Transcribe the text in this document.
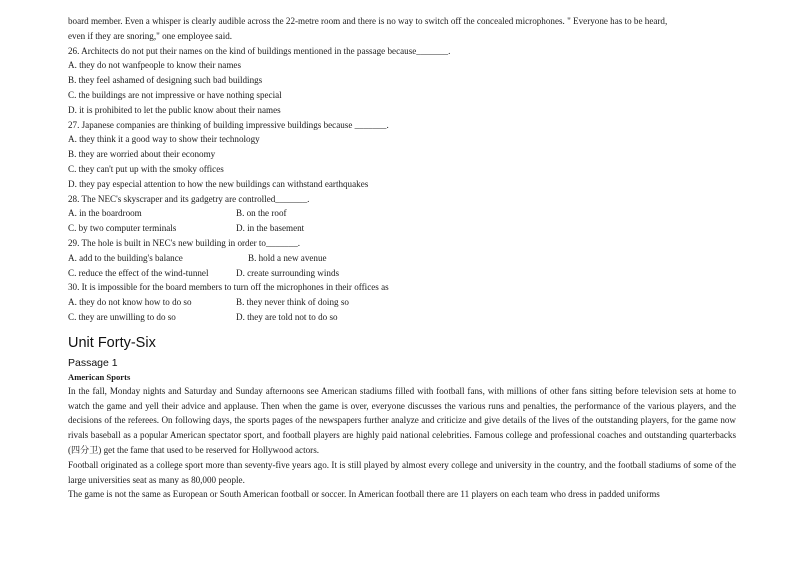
board member. Even a whisper is clearly audible across the 22-metre room and there is no way to switch off the concealed microphones. " Everyone has to be heard,
even if they are snoring," one employee said.
26. Architects do not put their names on the kind of buildings mentioned in the passage because_______.
A. they do not wanfpeople to know their names
B. they feel ashamed of designing such bad buildings
C. the buildings are not impressive or have nothing special
D. it is prohibited to let the public know about their names
27. Japanese companies are thinking of building impressive buildings because _______.
A. they think it a good way to show their technology
B. they are worried about their economy
C. they can't put up with the smoky offices
D. they pay especial attention to how the new buildings can withstand earthquakes
28. The NEC's skyscraper and its gadgetry are controlled_______.
A. in the boardroom	B. on the roof
C. by two computer terminals	D. in the basement
29. The hole is built in NEC's new building in order to_______.
A. add to the building's balance	B. hold a new avenue
C. reduce the effect of the wind-tunnel	D. create surrounding winds
30. It is impossible for the board members to turn off the microphones in their offices as
A. they do not know how to do so	B. they never think of doing so
C. they are unwilling to do so	D. they are told not to do so
Unit Forty-Six
Passage 1
American Sports
In the fall, Monday nights and Saturday and Sunday afternoons see American stadiums filled with football fans, with millions of other fans sitting before television sets at home to watch the game and yell their advice and applause. Then when the game is over, everyone discusses the various runs and penalties, the performance of the various players, and the decisions of the referees. On following days, the sports pages of the newspapers further analyze and criticize and give details of the lives of the outstanding players, for the game now rivals baseball as a popular American spectator sport, and football players are highly paid national celebrities. Famous college and professional coaches and outstanding quarterbacks (四分卫) get the fame that used to be reserved for Hollywood actors.
Football originated as a college sport more than seventy-five years ago. It is still played by almost every college and university in the country, and the football stadiums of some of the large universities seat as many as 80,000 people.
The game is not the same as European or South American football or soccer. In American football there are 11 players on each team who dress in padded uniforms
